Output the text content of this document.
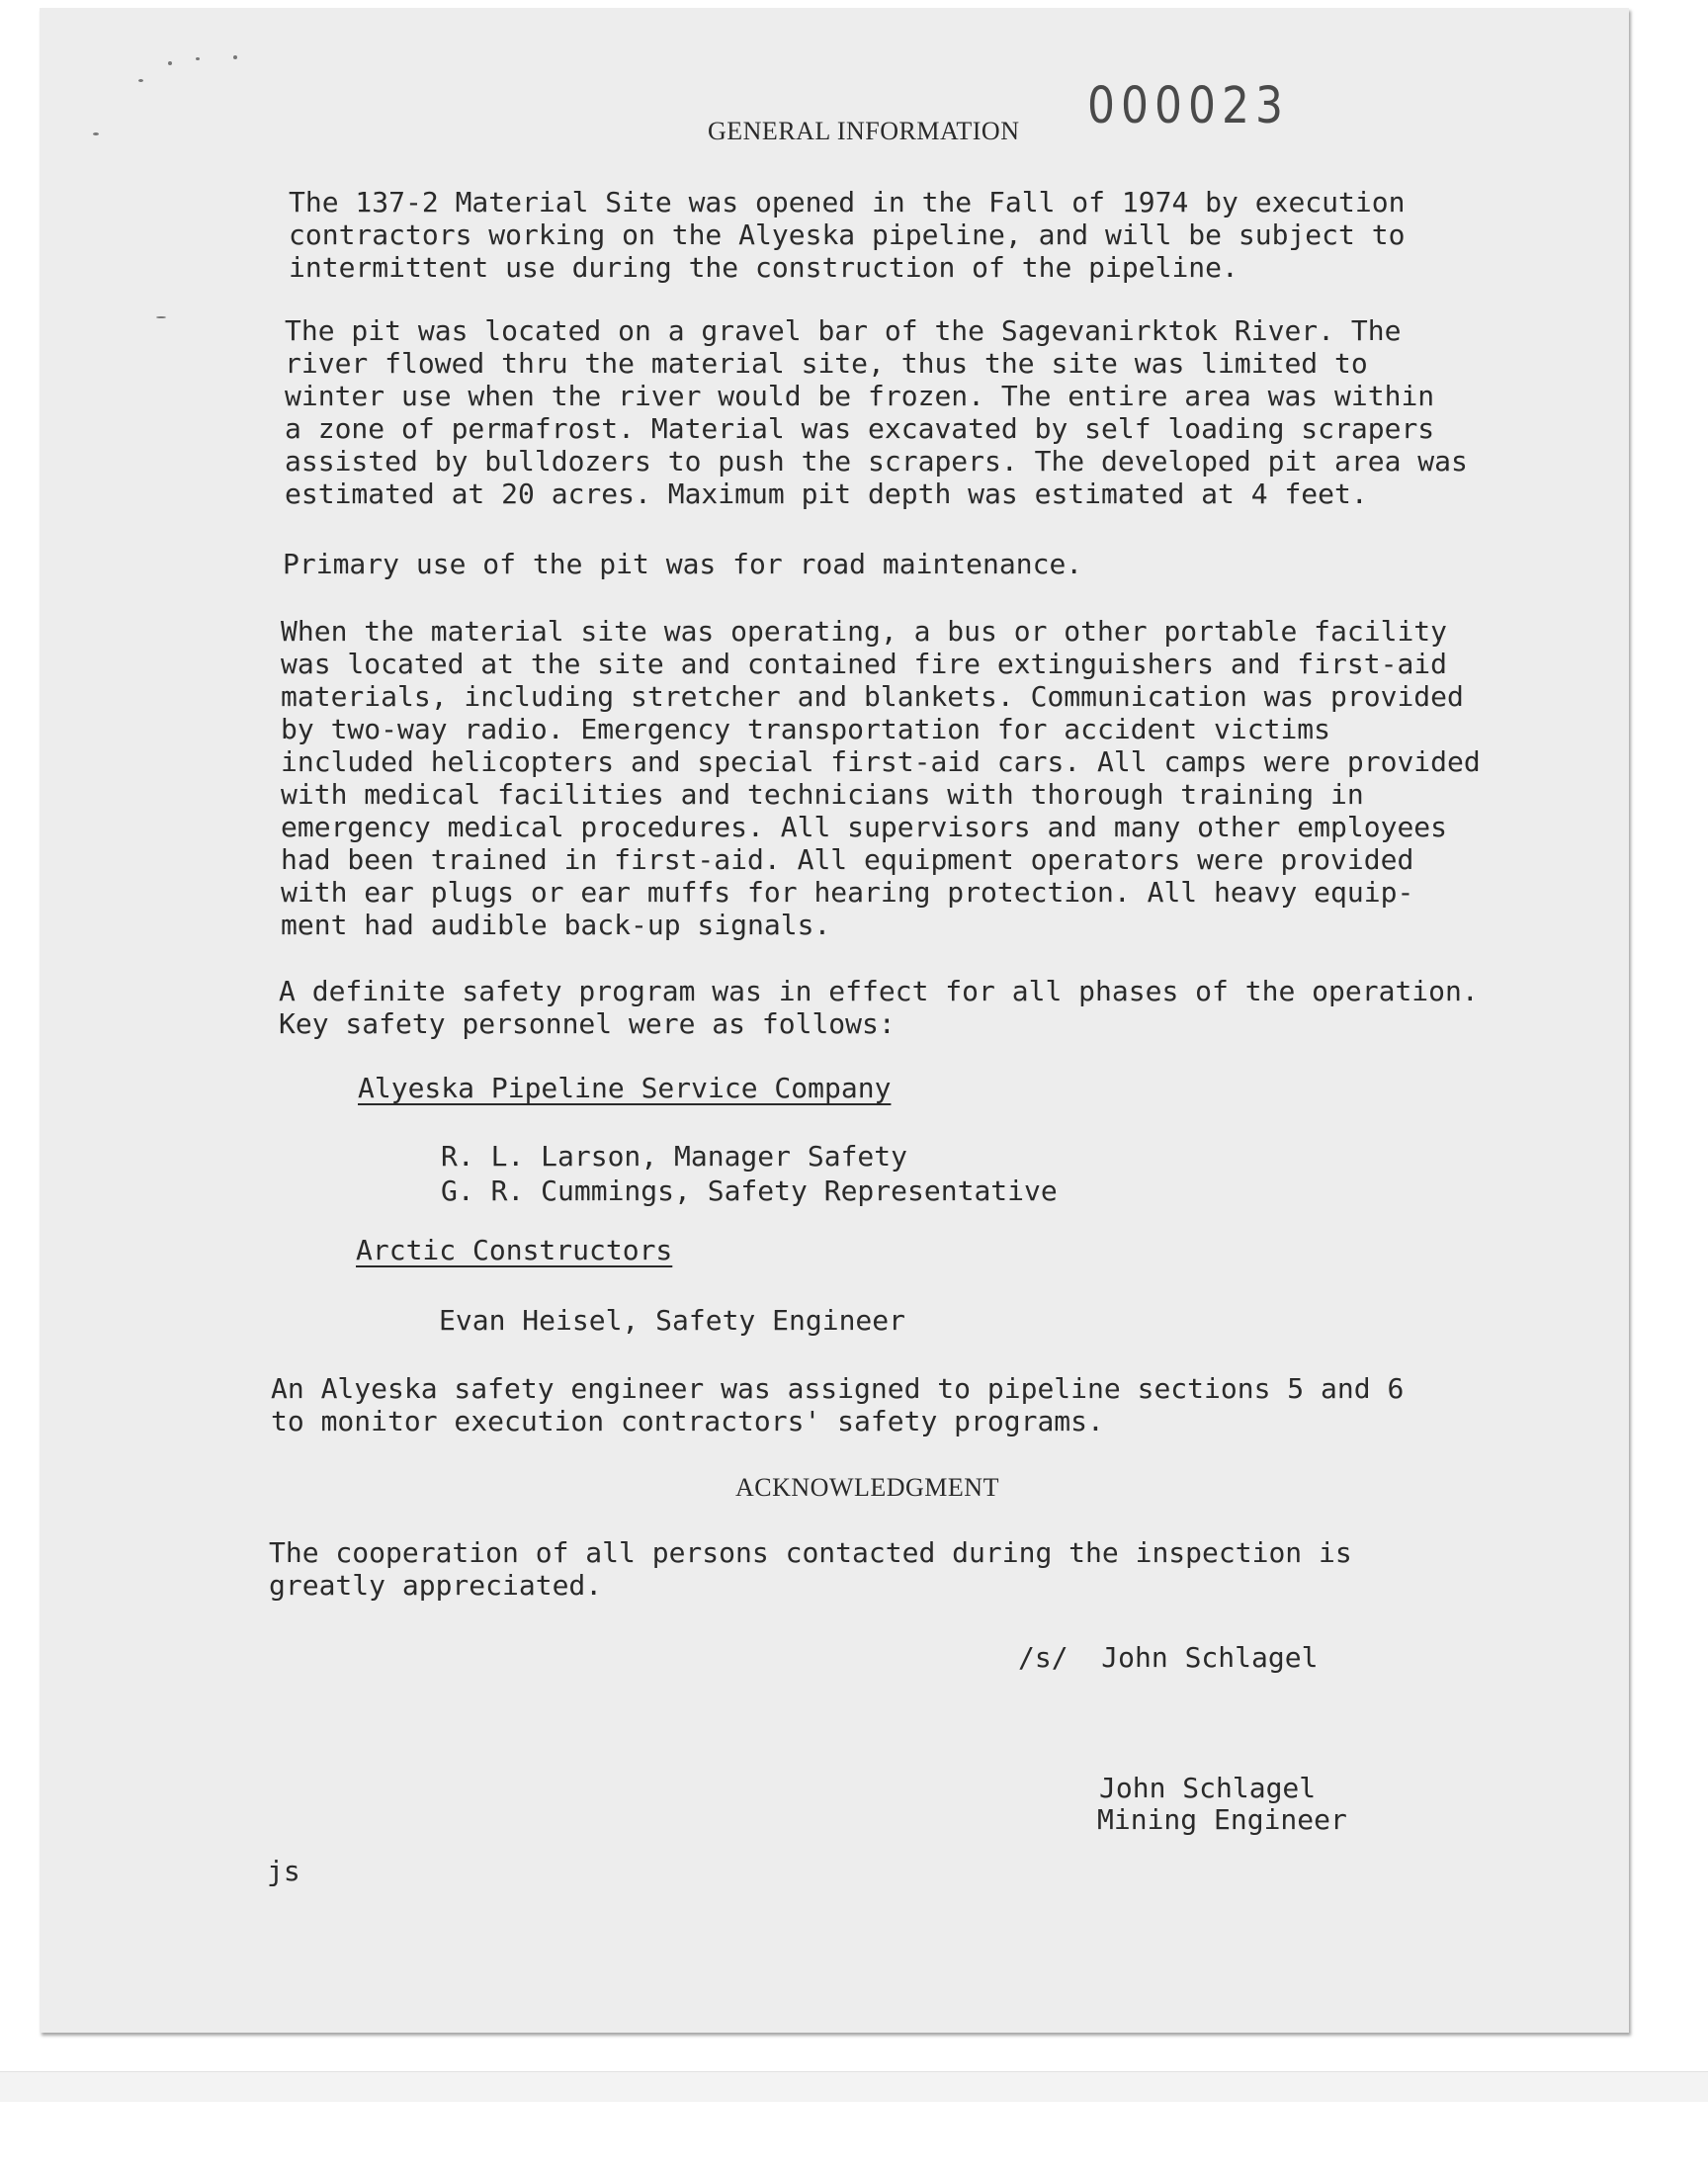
000023
GENERAL INFORMATION
The 137-2 Material Site was opened in the Fall of 1974 by execution
contractors working on the Alyeska pipeline, and will be subject to
intermittent use during the construction of the pipeline.
The pit was located on a gravel bar of the Sagevanirktok River. The
river flowed thru the material site, thus the site was limited to
winter use when the river would be frozen. The entire area was within
a zone of permafrost. Material was excavated by self loading scrapers
assisted by bulldozers to push the scrapers. The developed pit area was
estimated at 20 acres. Maximum pit depth was estimated at 4 feet.
Primary use of the pit was for road maintenance.
When the material site was operating, a bus or other portable facility
was located at the site and contained fire extinguishers and first-aid
materials, including stretcher and blankets. Communication was provided
by two-way radio. Emergency transportation for accident victims
included helicopters and special first-aid cars. All camps were provided
with medical facilities and technicians with thorough training in
emergency medical procedures. All supervisors and many other employees
had been trained in first-aid. All equipment operators were provided
with ear plugs or ear muffs for hearing protection. All heavy equip-
ment had audible back-up signals.
A definite safety program was in effect for all phases of the operation.
Key safety personnel were as follows:
Alyeska Pipeline Service Company
R. L. Larson, Manager Safety
G. R. Cummings, Safety Representative
Arctic Constructors
Evan Heisel, Safety Engineer
An Alyeska safety engineer was assigned to pipeline sections 5 and 6
to monitor execution contractors' safety programs.
ACKNOWLEDGMENT
The cooperation of all persons contacted during the inspection is
greatly appreciated.
/s/  John Schlagel
John Schlagel
Mining Engineer
js
